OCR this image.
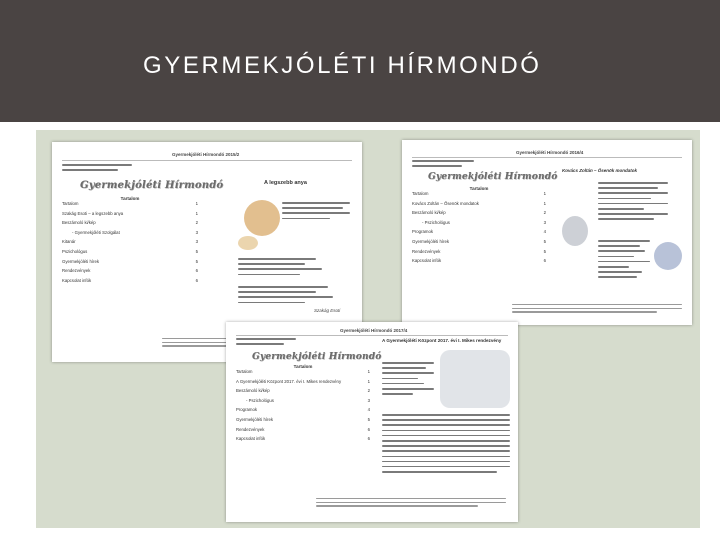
GYERMEKJÓLÉTI HÍRMONDÓ
Gyermekjóléti Hírmondó 2015/2
Gyermekjóléti Hírmondó
Tartalom
Tartalom	1
Szakág Esoti – a legszebb anya	1
Beszámoló ki/kép	2
- Gyermekjóléti Szolgálat	3
Kitanár	3
Pszichológus	5
Gyermekjóléti hírek	5
Rendezvények	6
Kapcsolat infók	6
A legszebb anya
Szakág Esoti
Gyermekjóléti Hírmondó 2016/4
Gyermekjóléti Hírmondó
Tartalom
Tartalom	1
Kovács Zoltán – Ősenök mondatok	1
Beszámoló ki/kép	2
- Pszichológus	3
Programok	4
Gyermekjóléti hírek	5
Rendezvények	5
Kapcsolat infók	6
Kovács Zoltán – Ősenök mondatok
Gyermekjóléti Hírmondó 2017/4
Gyermekjóléti Hírmondó
Tartalom
Tartalom	1
A Gyermekjóléti Központ 2017. évi I. Mikes rendezvény	1
Beszámoló ki/kép	2
- Pszichológus	3
Programok	4
Gyermekjóléti hírek	5
Rendezvények	6
Kapcsolat infók	6
A Gyermekjóléti Központ 2017. évi I. Mikes rendezvény
